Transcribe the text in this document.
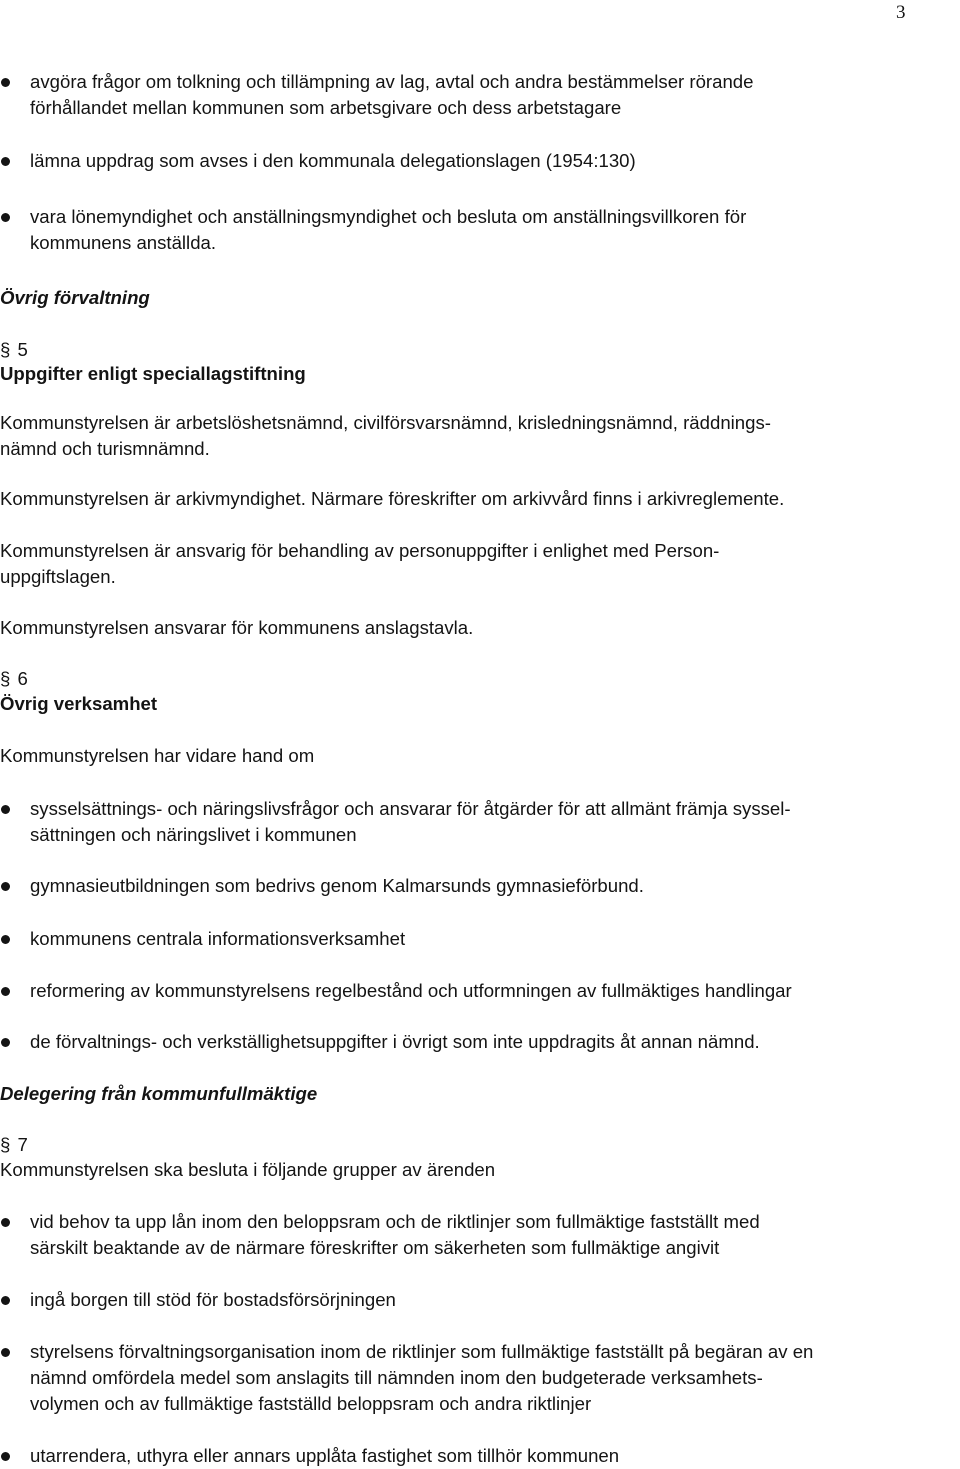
3
avgöra frågor om tolkning och tillämpning av lag, avtal och andra bestämmelser rörande
förhållandet mellan kommunen som arbetsgivare och dess arbetstagare
lämna uppdrag som avses i den kommunala delegationslagen (1954:130)
vara lönemyndighet och anställningsmyndighet och besluta om anställningsvillkoren för
kommunens anställda.
Övrig förvaltning
§ 5
Uppgifter enligt speciallagstiftning
Kommunstyrelsen är arbetslöshetsnämnd, civilförsvarsnämnd, krisledningsnämnd, räddnings-
nämnd och turismnämnd.
Kommunstyrelsen är arkivmyndighet. Närmare föreskrifter om arkivvård finns i arkivreglemente.
Kommunstyrelsen är ansvarig för behandling av personuppgifter i enlighet med Person-
uppgiftslagen.
Kommunstyrelsen ansvarar för kommunens anslagstavla.
§ 6
Övrig verksamhet
Kommunstyrelsen har vidare hand om
sysselsättnings- och näringslivsfrågor och ansvarar för åtgärder för att allmänt främja syssel-
sättningen och näringslivet i kommunen
gymnasieutbildningen som bedrivs genom Kalmarsunds gymnasieförbund.
kommunens centrala informationsverksamhet
reformering av kommunstyrelsens regelbestånd och utformningen av fullmäktiges handlingar
de förvaltnings- och verkställighetsuppgifter i övrigt som inte uppdragits åt annan nämnd.
Delegering från kommunfullmäktige
§ 7
Kommunstyrelsen ska besluta i följande grupper av ärenden
vid behov ta upp lån inom den beloppsram och de riktlinjer som fullmäktige fastställt med
särskilt beaktande av de närmare föreskrifter om säkerheten som fullmäktige angivit
ingå borgen till stöd för bostadsförsörjningen
styrelsens förvaltningsorganisation inom de riktlinjer som fullmäktige fastställt på begäran av en
nämnd omfördela medel som anslagits till nämnden inom den budgeterade verksamhets-
volymen och av fullmäktige fastställd beloppsram och andra riktlinjer
utarrendera, uthyra eller annars upplåta fastighet som tillhör kommunen
